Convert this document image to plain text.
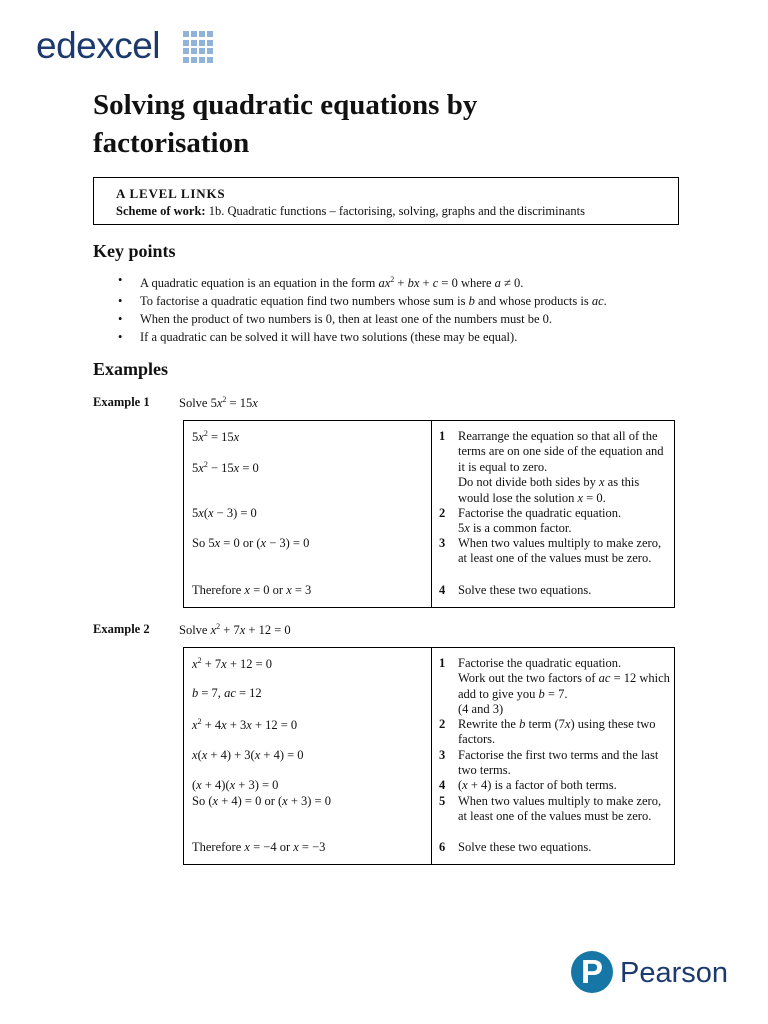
edexcel
Solving quadratic equations by
factorisation
A LEVEL LINKS
Scheme of work: 1b. Quadratic functions – factorising, solving, graphs and the discriminants
Key points
• A quadratic equation is an equation in the form $ax^2$ + bx + c = 0 where a ≠ 0.
• To factorise a quadratic equation find two numbers whose sum is b and whose products is ac.
• When the product of two numbers is 0, then at least one of the numbers must be 0.
• If a quadratic can be solved it will have two solutions (these may be equal).
Examples
Example 1 Solve $5x^2 = 15x$
$5x^2 = 15x$
$5x^2 - 15x = 0$
5x(x − 3) = 0
So 5x = 0 or (x − 3) = 0
Therefore x = 0 or x = 3
1 Rearrange the equation so that all of the terms are on one side of the equation and it is equal to zero.
Do not divide both sides by x as this would lose the solution x = 0.
2 Factorise the quadratic equation.
5x is a common factor.
3 When two values multiply to make zero, at least one of the values must be zero.
4 Solve these two equations.
Example 2 Solve $x^2 + 7x + 12 = 0$
$x^2 + 7x + 12 = 0$
b = 7, ac = 12
$x^2 + 4x + 3x + 12 = 0$
x(x + 4) + 3(x + 4) = 0
(x + 4)(x + 3) = 0
So (x + 4) = 0 or (x + 3) = 0
Therefore x = −4 or x = −3
1 Factorise the quadratic equation.
Work out the two factors of ac = 12 which add to give you b = 7.
(4 and 3)
2 Rewrite the b term (7x) using these two factors.
3 Factorise the first two terms and the last two terms.
4 (x + 4) is a factor of both terms.
5 When two values multiply to make zero, at least one of the values must be zero.
6 Solve these two equations.
P Pearson
